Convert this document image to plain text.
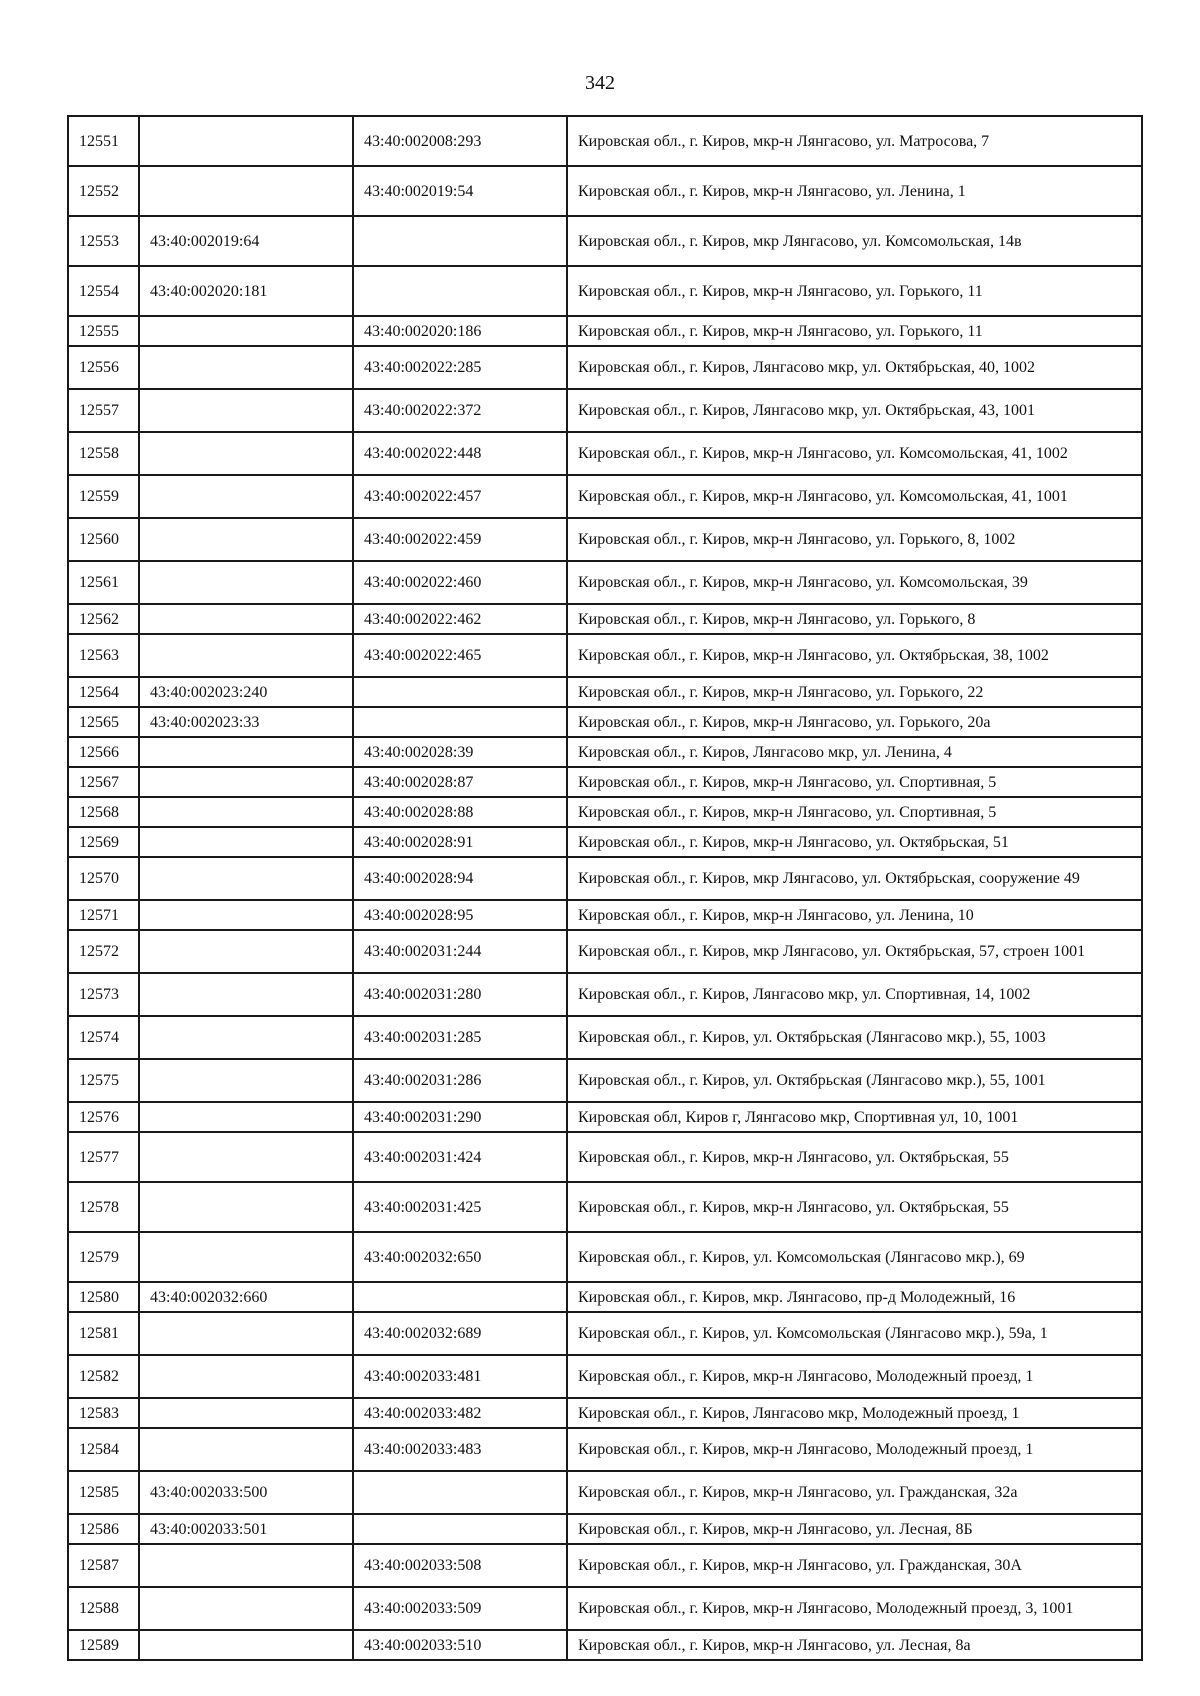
342
12551		43:40:002008:293	Кировская обл., г. Киров, мкр-н Лянгасово, ул. Матросова, 7
12552		43:40:002019:54	Кировская обл., г. Киров, мкр-н Лянгасово, ул. Ленина, 1
12553	43:40:002019:64		Кировская обл., г. Киров, мкр Лянгасово, ул. Комсомольская, 14в
12554	43:40:002020:181		Кировская обл., г. Киров, мкр-н Лянгасово, ул. Горького, 11
12555		43:40:002020:186	Кировская обл., г. Киров, мкр-н Лянгасово, ул. Горького, 11
12556		43:40:002022:285	Кировская обл., г. Киров, Лянгасово мкр, ул. Октябрьская, 40, 1002
12557		43:40:002022:372	Кировская обл., г. Киров, Лянгасово мкр, ул. Октябрьская, 43, 1001
12558		43:40:002022:448	Кировская обл., г. Киров, мкр-н Лянгасово, ул. Комсомольская, 41, 1002
12559		43:40:002022:457	Кировская обл., г. Киров, мкр-н Лянгасово, ул. Комсомольская, 41, 1001
12560		43:40:002022:459	Кировская обл., г. Киров, мкр-н Лянгасово, ул. Горького, 8, 1002
12561		43:40:002022:460	Кировская обл., г. Киров, мкр-н Лянгасово, ул. Комсомольская, 39
12562		43:40:002022:462	Кировская обл., г. Киров, мкр-н Лянгасово, ул. Горького, 8
12563		43:40:002022:465	Кировская обл., г. Киров, мкр-н Лянгасово, ул. Октябрьская, 38, 1002
12564	43:40:002023:240		Кировская обл., г. Киров, мкр-н Лянгасово, ул. Горького, 22
12565	43:40:002023:33		Кировская обл., г. Киров, мкр-н Лянгасово, ул. Горького, 20а
12566		43:40:002028:39	Кировская обл., г. Киров, Лянгасово мкр, ул. Ленина, 4
12567		43:40:002028:87	Кировская обл., г. Киров, мкр-н Лянгасово, ул. Спортивная, 5
12568		43:40:002028:88	Кировская обл., г. Киров, мкр-н Лянгасово, ул. Спортивная, 5
12569		43:40:002028:91	Кировская обл., г. Киров, мкр-н Лянгасово, ул. Октябрьская, 51
12570		43:40:002028:94	Кировская обл., г. Киров, мкр Лянгасово, ул. Октябрьская, сооружение 49
12571		43:40:002028:95	Кировская обл., г. Киров, мкр-н Лянгасово, ул. Ленина, 10
12572		43:40:002031:244	Кировская обл., г. Киров, мкр Лянгасово, ул. Октябрьская, 57, строен 1001
12573		43:40:002031:280	Кировская обл., г. Киров, Лянгасово мкр, ул. Спортивная, 14, 1002
12574		43:40:002031:285	Кировская обл., г. Киров, ул. Октябрьская (Лянгасово мкр.), 55, 1003
12575		43:40:002031:286	Кировская обл., г. Киров, ул. Октябрьская (Лянгасово мкр.), 55, 1001
12576		43:40:002031:290	Кировская обл, Киров г, Лянгасово мкр, Спортивная ул, 10, 1001
12577		43:40:002031:424	Кировская обл., г. Киров, мкр-н Лянгасово, ул. Октябрьская, 55
12578		43:40:002031:425	Кировская обл., г. Киров, мкр-н Лянгасово, ул. Октябрьская, 55
12579		43:40:002032:650	Кировская обл., г. Киров, ул. Комсомольская (Лянгасово мкр.), 69
12580	43:40:002032:660		Кировская обл., г. Киров, мкр. Лянгасово, пр-д Молодежный, 16
12581		43:40:002032:689	Кировская обл., г. Киров, ул. Комсомольская (Лянгасово мкр.), 59а, 1
12582		43:40:002033:481	Кировская обл., г. Киров, мкр-н Лянгасово, Молодежный проезд, 1
12583		43:40:002033:482	Кировская обл., г. Киров, Лянгасово мкр, Молодежный проезд, 1
12584		43:40:002033:483	Кировская обл., г. Киров, мкр-н Лянгасово, Молодежный проезд, 1
12585	43:40:002033:500		Кировская обл., г. Киров, мкр-н Лянгасово, ул. Гражданская, 32а
12586	43:40:002033:501		Кировская обл., г. Киров, мкр-н Лянгасово, ул. Лесная, 8Б
12587		43:40:002033:508	Кировская обл., г. Киров, мкр-н Лянгасово, ул. Гражданская, 30А
12588		43:40:002033:509	Кировская обл., г. Киров, мкр-н Лянгасово, Молодежный проезд, 3, 1001
12589		43:40:002033:510	Кировская обл., г. Киров, мкр-н Лянгасово, ул. Лесная, 8а
